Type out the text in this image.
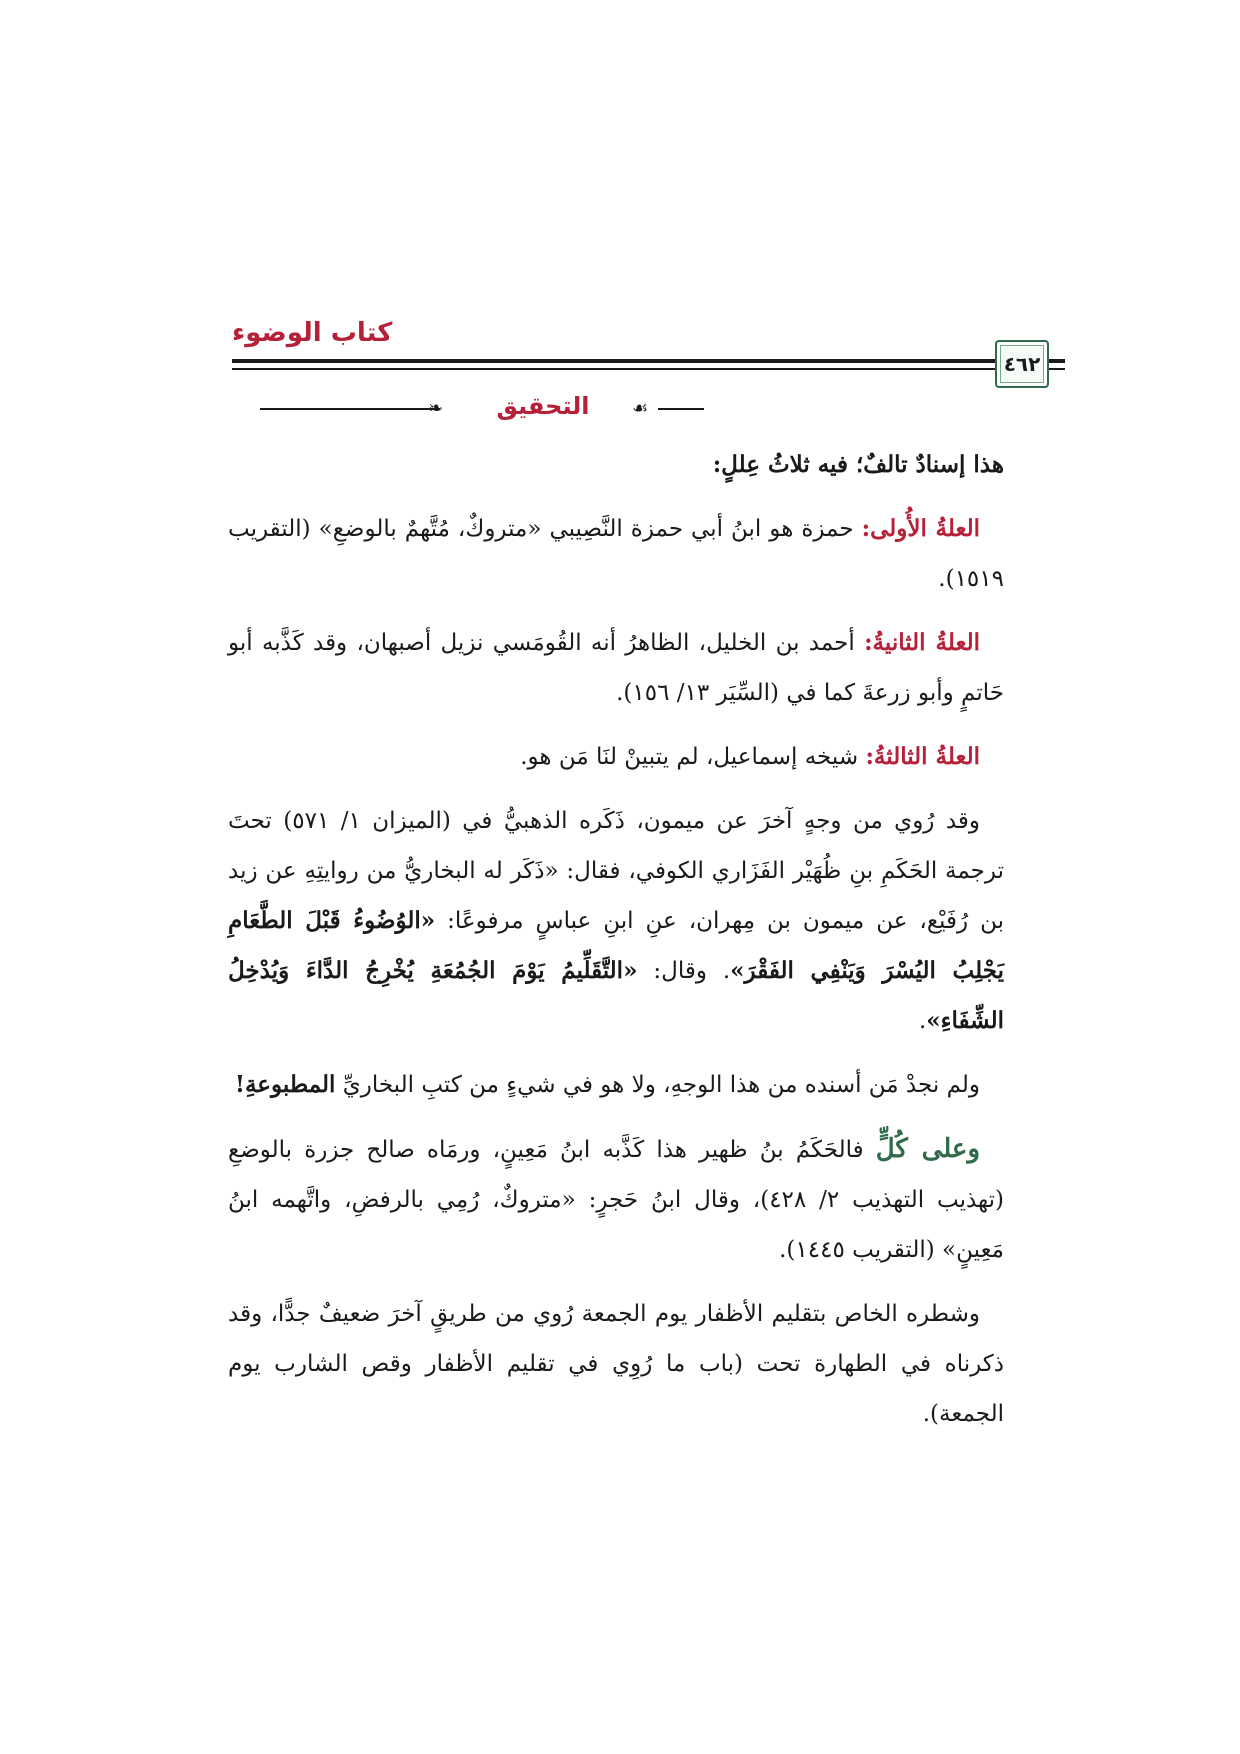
كتاب الوضوء
٤٦٢
❧	التحقيق	☙

هذا إسنادٌ تالفٌ؛ فيه ثلاثُ عِللٍ:

العلةُ الأُولى: حمزة هو ابنُ أبي حمزة النَّصِيبي «متروكٌ، مُتَّهمٌ بالوضعِ» (التقريب ١٥١٩).

العلةُ الثانيةُ: أحمد بن الخليل، الظاهرُ أنه القُومَسي نزيل أصبهان، وقد كَذَّبه أبو حَاتمٍ وأبو زرعةَ كما في (السِّيَر ١٣/ ١٥٦).

العلةُ الثالثةُ: شيخه إسماعيل، لم يتبينْ لنَا مَن هو.

وقد رُوي من وجهٍ آخرَ عن ميمون، ذَكَره الذهبيُّ في (الميزان ١/ ٥٧١) تحتَ ترجمة الحَكَمِ بنِ ظُهَيْر الفَزَاري الكوفي، فقال: «ذَكَر له البخاريُّ من روايتِهِ عن زيد بن رُفَيْع، عن ميمون بن مِهران، عنِ ابنِ عباسٍ مرفوعًا: «الوُضُوءُ قَبْلَ الطَّعَامِ يَجْلِبُ اليُسْرَ وَيَنْفِي الفَقْرَ». وقال: «التَّقَلِّيمُ يَوْمَ الجُمُعَةِ يُخْرِجُ الدَّاءَ وَيُدْخِلُ الشِّفَاءِ».

ولم نجدْ مَن أسنده من هذا الوجهِ، ولا هو في شيءٍ من كتبِ البخاريِّ المطبوعةِ!

وعلى كُلٍّ فالحَكَمُ بنُ ظهير هذا كَذَّبه ابنُ مَعِينٍ، ورمَاه صالح جزرة بالوضعِ (تهذيب التهذيب ٢/ ٤٢٨)، وقال ابنُ حَجرٍ: «متروكٌ، رُمِي بالرفضِ، واتَّهمه ابنُ مَعِينٍ» (التقريب ١٤٤٥).

وشطره الخاص بتقليم الأظفار يوم الجمعة رُوي من طريقٍ آخرَ ضعيفٌ جدًّا، وقد ذكرناه في الطهارة تحت (باب ما رُوِي في تقليم الأظفار وقص الشارب يوم الجمعة).
